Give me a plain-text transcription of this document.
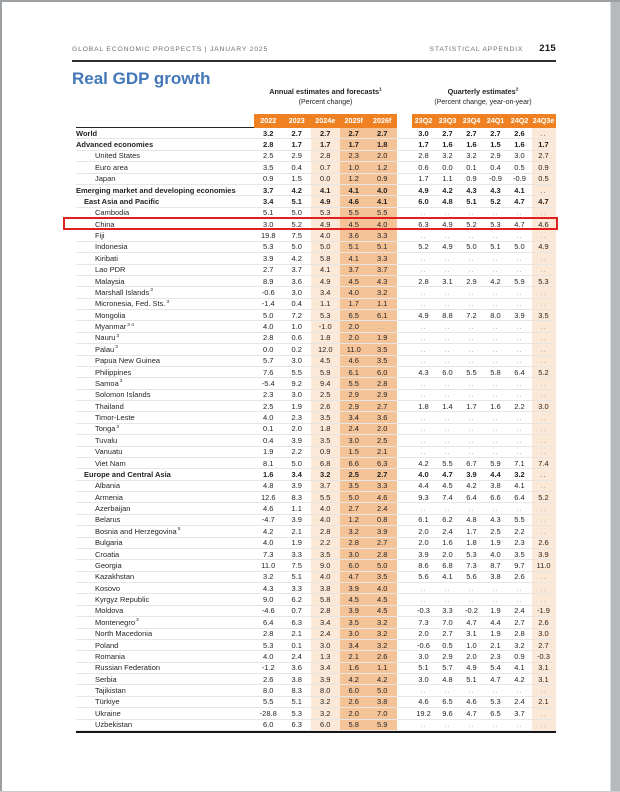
GLOBAL ECONOMIC PROSPECTS | JANUARY 2025	STATISTICAL APPENDIX 215
Real GDP growth
Annual estimates and forecasts$^1$
(Percent change)
Quarterly estimates$^2$
(Percent change, year-on-year)
2022	2023	2024e	2025f	2026f	23Q2 23Q3 23Q4 24Q1 24Q2 24Q3e
World	3.2	2.7	2.7	2.7	2.7	3.0	2.7	2.7	2.7	2.6	..
Advanced economies	2.8	1.7	1.7	1.7	1.8	1.7	1.6	1.6	1.5	1.6	1.7
United States	2.5	2.9	2.8	2.3	2.0	2.8	3.2	3.2	2.9	3.0	2.7
Euro area	3.5	0.4	0.7	1.0	1.2	0.6	0.0	0.1	0.4	0.5	0.9
Japan	0.9	1.5	0.0	1.2	0.9	1.7	1.1	0.9	-0.9	-0.9	0.5
Emerging market and developing economies	3.7	4.2	4.1	4.1	4.0	4.9	4.2	4.3	4.3	4.1	..
East Asia and Pacific	3.4	5.1	4.9	4.6	4.1	6.0	4.8	5.1	5.2	4.7	4.7
Cambodia	5.1	5.0	5.3	5.5	5.5	..	..	..	..	..	..
China	3.0	5.2	4.9	4.5	4.0	6.3	4.9	5.2	5.3	4.7	4.6
Fiji	19.8	7.5	4.0	3.6	3.3	..	..	..	..	..	..
Indonesia	5.3	5.0	5.0	5.1	5.1	5.2	4.9	5.0	5.1	5.0	4.9
Kiribati	3.9	4.2	5.8	4.1	3.3	..	..	..	..	..	..
Lao PDR	2.7	3.7	4.1	3.7	3.7	..	..	..	..	..	..
Malaysia	8.9	3.6	4.9	4.5	4.3	2.8	3.1	2.9	4.2	5.9	5.3
Marshall Islands$^3$	-0.6	3.0	3.4	4.0	3.2	..	..	..	..	..	..
Micronesia, Fed. Sts.$^3$	-1.4	0.4	1.1	1.7	1.1	..	..	..	..	..	..
Mongolia	5.0	7.2	5.3	6.5	6.1	4.9	8.8	7.2	8.0	3.9	3.5
Myanmar$^{3 4}$	4.0	1.0	-1.0	2.0	..	..	..	..	..	..	..
Nauru$^3$	2.8	0.6	1.8	2.0	1.9	..	..	..	..	..	..
Palau$^3$	0.0	0.2	12.0	11.0	3.5	..	..	..	..	..	..
Papua New Guinea	5.7	3.0	4.5	4.6	3.5	..	..	..	..	..	..
Philippines	7.6	5.5	5.9	6.1	6.0	4.3	6.0	5.5	5.8	6.4	5.2
Samoa$^3$	-5.4	9.2	9.4	5.5	2.8	..	..	..	..	..	..
Solomon Islands	2.3	3.0	2.5	2.9	2.9	..	..	..	..	..	..
Thailand	2.5	1.9	2.6	2.9	2.7	1.8	1.4	1.7	1.6	2.2	3.0
Timor-Leste	4.0	2.3	3.5	3.4	3.6	..	..	..	..	..	..
Tonga$^3$	0.1	2.0	1.8	2.4	2.0	..	..	..	..	..	..
Tuvalu	0.4	3.9	3.5	3.0	2.5	..	..	..	..	..	..
Vanuatu	1.9	2.2	0.9	1.5	2.1	..	..	..	..	..	..
Viet Nam	8.1	5.0	6.8	6.6	6.3	4.2	5.5	6.7	5.9	7.1	7.4
Europe and Central Asia	1.6	3.4	3.2	2.5	2.7	4.0	4.7	3.9	4.4	3.2	..
Albania	4.8	3.9	3.7	3.5	3.3	4.4	4.5	4.2	3.8	4.1	..
Armenia	12.6	8.3	5.5	5.0	4.6	9.3	7.4	6.4	6.6	6.4	5.2
Azerbaijan	4.6	1.1	4.0	2.7	2.4	..	..	..	..	..	..
Belarus	-4.7	3.9	4.0	1.2	0.8	6.1	6.2	4.8	4.3	5.5	..
Bosnia and Herzegovina$^5$	4.2	2.1	2.8	3.2	3.9	2.0	2.4	1.7	2.5	2.2	..
Bulgaria	4.0	1.9	2.2	2.8	2.7	2.0	1.6	1.8	1.9	2.3	2.6
Croatia	7.3	3.3	3.5	3.0	2.8	3.9	2.0	5.3	4.0	3.5	3.9
Georgia	11.0	7.5	9.0	6.0	5.0	8.6	6.8	7.3	8.7	9.7	11.0
Kazakhstan	3.2	5.1	4.0	4.7	3.5	5.6	4.1	5.6	3.8	2.6	..
Kosovo	4.3	3.3	3.8	3.9	4.0	..	..	..	..	..	..
Kyrgyz Republic	9.0	6.2	5.8	4.5	4.5	..	..	..	..	..	..
Moldova	-4.6	0.7	2.8	3.9	4.5	-0.3	3.3	-0.2	1.9	2.4	-1.9
Montenegro$^3$	6.4	6.3	3.4	3.5	3.2	7.3	7.0	4.7	4.4	2.7	2.6
North Macedonia	2.8	2.1	2.4	3.0	3.2	2.0	2.7	3.1	1.9	2.8	3.0
Poland	5.3	0.1	3.0	3.4	3.2	-0.6	0.5	1.0	2.1	3.2	2.7
Romania	4.0	2.4	1.3	2.1	2.6	3.0	2.9	2.0	2.3	0.9	-0.3
Russian Federation	-1.2	3.6	3.4	1.6	1.1	5.1	5.7	4.9	5.4	4.1	3.1
Serbia	2.6	3.8	3.9	4.2	4.2	3.0	4.8	5.1	4.7	4.2	3.1
Tajikistan	8.0	8.3	8.0	6.0	5.0	..	..	..	..	..	..
Türkiye	5.5	5.1	3.2	2.6	3.8	4.6	6.5	4.6	5.3	2.4	2.1
Ukraine	-28.8	5.3	3.2	2.0	7.0	19.2	9.6	4.7	6.5	3.7	..
Uzbekistan	6.0	6.3	6.0	5.8	5.9	..	..	..	..	..	..
